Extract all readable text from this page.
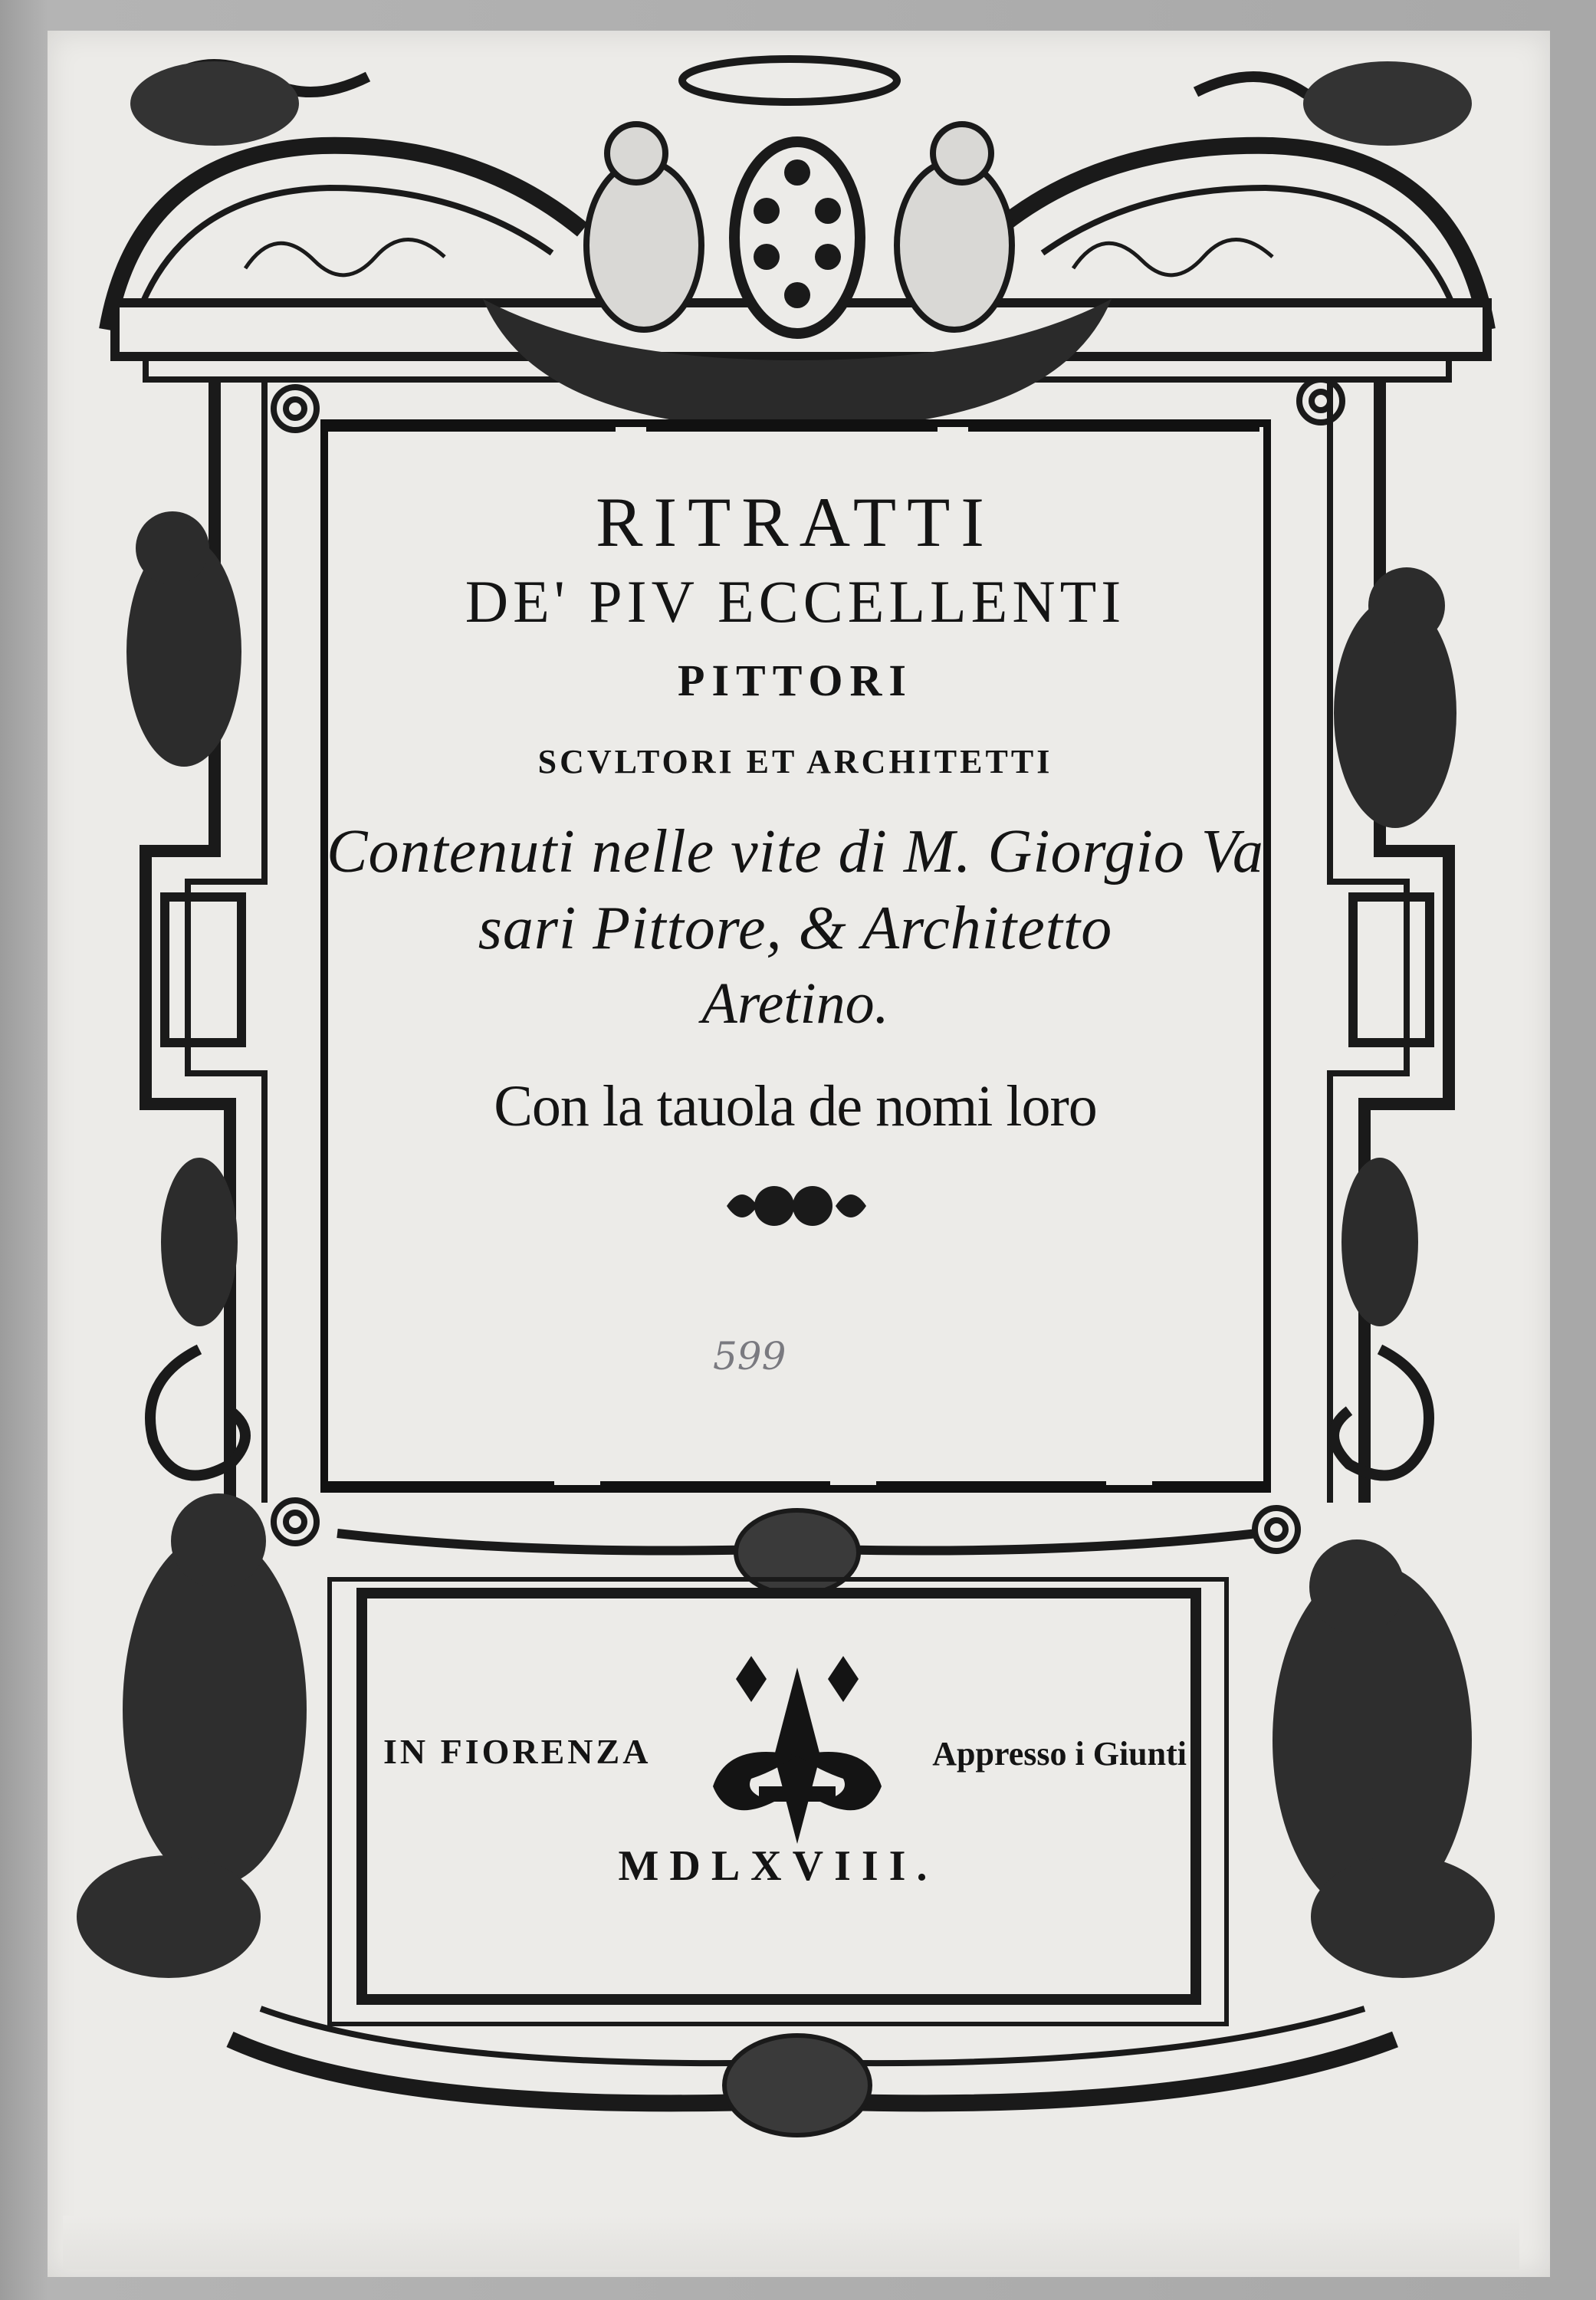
RITRATTI
DE' PIV ECCELLENTI
PITTORI
SCVLTORI ET ARCHITETTI
Contenuti nelle vite di M. Giorgio Va
sari Pittore, & Architetto
Aretino.
Con la tauola de nomi loro
599
IN FIORENZA	Appresso i Giunti
MDLXVIII.
